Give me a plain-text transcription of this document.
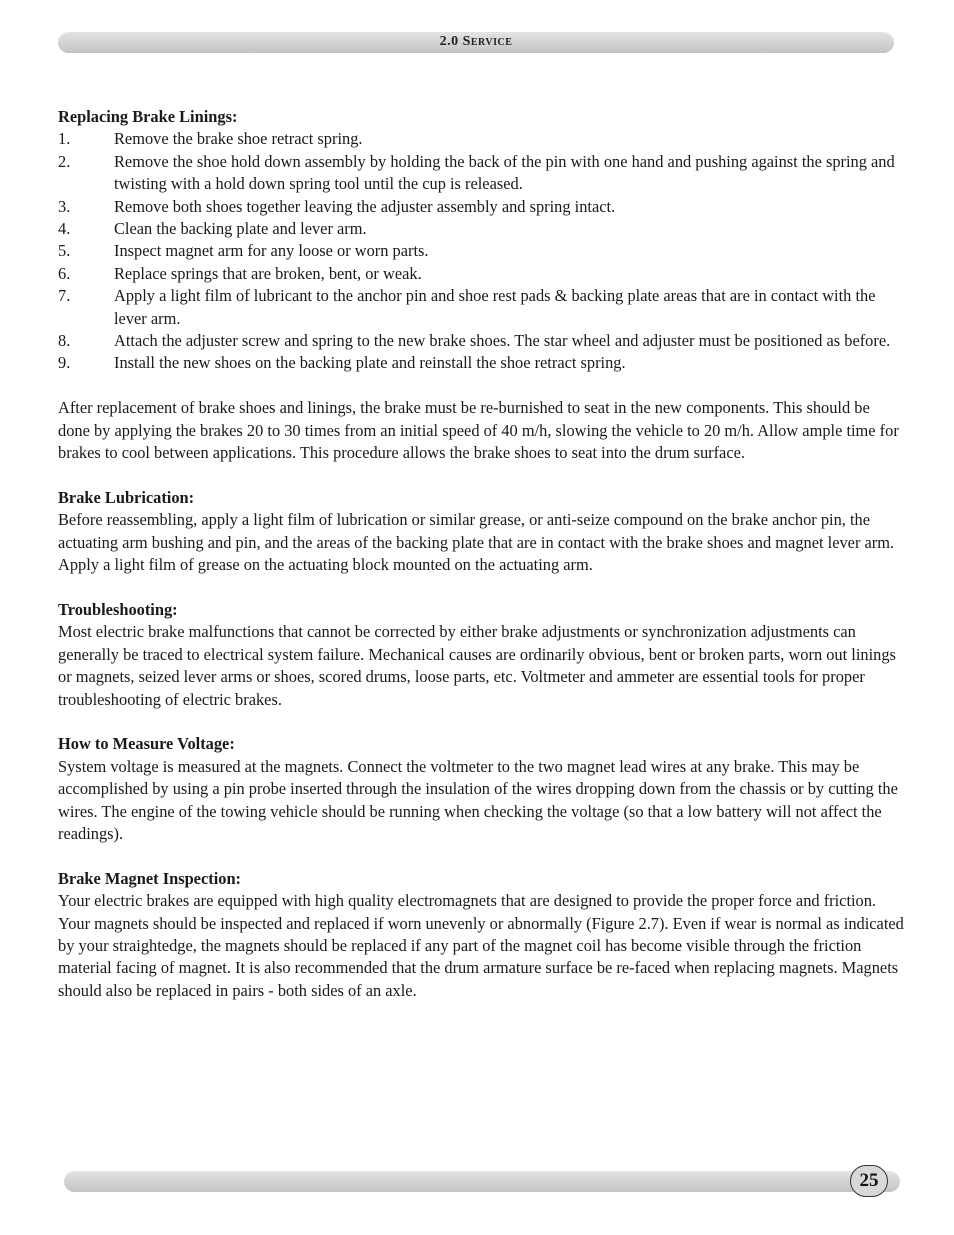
2.0 Service
Replacing Brake Linings:
1.	Remove the brake shoe retract spring.
2.	Remove the shoe hold down assembly by holding the back of the pin with one hand and pushing against the spring and twisting with a hold down spring tool until the cup is released.
3.	Remove both shoes together leaving the adjuster assembly and spring intact.
4.	Clean the backing plate and lever arm.
5.	Inspect magnet arm for any loose or worn parts.
6.	Replace springs that are broken, bent, or weak.
7.	Apply a light film of lubricant to the anchor pin and shoe rest pads & backing plate areas that are in contact with the lever arm.
8.	Attach the adjuster screw and spring to the new brake shoes. The star wheel and adjuster must be positioned as before.
9.	Install the new shoes on the backing plate and reinstall the shoe retract spring.

After replacement of brake shoes and linings, the brake must be re-burnished to seat in the new components. This should be done by applying the brakes 20 to 30 times from an initial speed of 40 m/h, slowing the vehicle to 20 m/h. Allow ample time for brakes to cool between applications. This procedure allows the brake shoes to seat into the drum surface.

Brake Lubrication:

Before reassembling, apply a light film of lubrication or similar grease, or anti-seize compound on the brake anchor pin, the actuating arm bushing and pin, and the areas of the backing plate that are in contact with the brake shoes and magnet lever arm. Apply a light film of grease on the actuating block mounted on the actuating arm.

Troubleshooting:

Most electric brake malfunctions that cannot be corrected by either brake adjustments or synchronization adjustments can generally be traced to electrical system failure. Mechanical causes are ordinarily obvious, bent or broken parts, worn out linings or magnets, seized lever arms or shoes, scored drums, loose parts, etc. Voltmeter and ammeter are essential tools for proper troubleshooting of electric brakes.

How to Measure Voltage:

System voltage is measured at the magnets. Connect the voltmeter to the two magnet lead wires at any brake. This may be accomplished by using a pin probe inserted through the insulation of the wires dropping down from the chassis or by cutting the wires. The engine of the towing vehicle should be running when checking the voltage (so that a low battery will not affect the readings).

Brake Magnet Inspection:

Your electric brakes are equipped with high quality electromagnets that are designed to provide the proper force and friction. Your magnets should be inspected and replaced if worn unevenly or abnormally (Figure 2.7). Even if wear is normal as indicated by your straightedge, the magnets should be replaced if any part of the magnet coil has become visible through the friction material facing of magnet. It is also recommended that the drum armature surface be re-faced when replacing magnets. Magnets should also be replaced in pairs - both sides of an axle.

25
